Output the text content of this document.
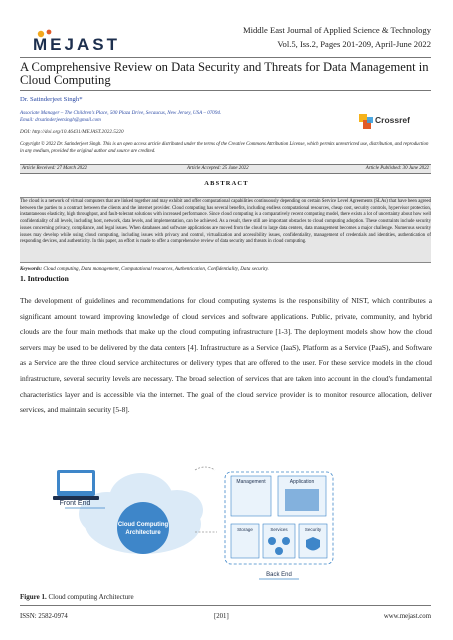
MEJAST
Middle East Journal of Applied Science & Technology
Vol.5, Iss.2, Pages 201-209, April-June 2022
A Comprehensive Review on Data Security and Threats for Data Management in Cloud Computing
Dr. Satinderjeet Singh*
Associate Manager – The Children’s Place, 500 Plaza Drive, Secaucus, New Jersey, USA – 07094.
Email: drsatinderjeetsingh@gmail.com	Crossref
DOI: http://doi.org/10.46431/MEJAST.2022.5220
Copyright © 2022 Dr. Satinderjeet Singh. This is an open access article distributed under the terms of the Creative Commons Attribution License, which permits unrestricted use, distribution, and reproduction in any medium, provided the original author and source are credited.
Article Received: 27 March 2022	Article Accepted: 25 June 2022	Article Published: 30 June 2022
ABSTRACT
The cloud is a network of virtual computers that are linked together and may exhibit and offer computational capabilities continuously depending on certain Service Level Agreements (SLAs) that have been agreed between the parties to a contract between the clients and the internet provider. Cloud computing has several benefits, including endless computational resources, cheap cost, security controls, hypervisor protection, instantaneous elasticity, high throughput, and fault-tolerant solutions with increased performance. Since cloud computing is a comparatively recent computing model, there exists a lot of uncertainty about how well confidentiality of all levels, including host, network, data levels, and implementation, can be achieved. As a result, there still are important obstacles to cloud computing adoption. These constraints include security issues concerning privacy, compliance, and legal issues. When databases and software applications are moved from the cloud to large data centers, data management becomes a major challenge. Numerous security issues may develop while using cloud computing, including issues with privacy and control, virtualization and accessibility issues, confidentiality, management of credentials and identities, authentication of responding devices, and authenticity. In this paper, an effort is made to offer a comprehensive review of data security and threats in cloud computing.
Keywords: Cloud computing, Data management, Computational resources, Authentication, Confidentiality, Data security.
1. Introduction
The development of guidelines and recommendations for cloud computing systems is the responsibility of NIST, which contributes a significant amount toward improving knowledge of cloud services and software applications. Public, private, community, and hybrid clouds are the four main methods that make up the cloud computing infrastructure [1-3]. The deployment models show how the cloud servers may be used to be delivered by the data centers [4]. Infrastructure as a Service (IaaS), Platform as a Service (PaaS), and Software as a Service are the three cloud service architectures or delivery types that are offered to the user. For these service models in the cloud infrastructure, several security levels are necessary. The broad selection of services that are taken into account in the cloud's fundamental characteristics layer and is accessible via the internet. The goal of the cloud service provider is to monitor resource allocation, deliver services, and maintain security [5-8].
Front End
Cloud Computing
Architecture
Management	Application
Storage	Services	Security
Back End
Figure 1. Cloud computing Architecture
ISSN: 2582-0974	[201]	www.mejast.com
